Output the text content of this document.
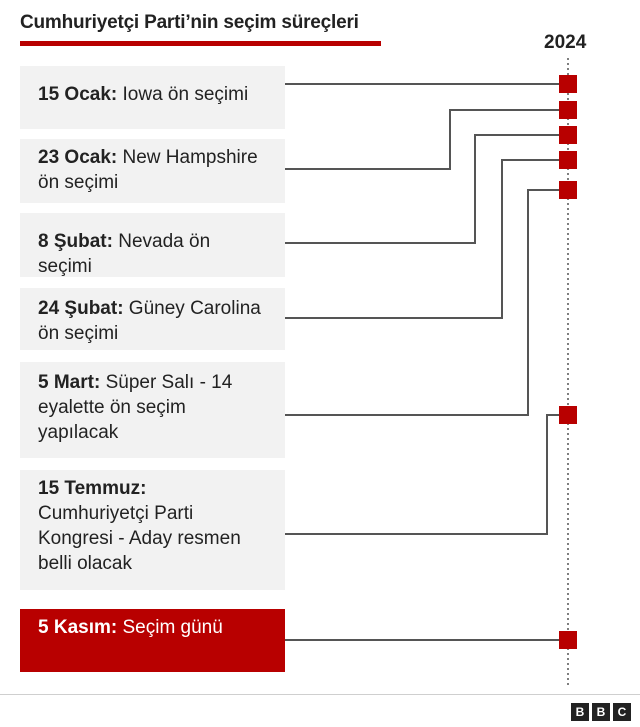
Cumhuriyetçi Parti’nin seçim süreçleri
2024
15 Ocak: Iowa ön seçimi
23 Ocak: New Hampshire ön seçimi
8 Şubat: Nevada ön seçimi
24 Şubat: Güney Carolina ön seçimi
5 Mart: Süper Salı - 14 eyalette ön seçim yapılacak
15 Temmuz: Cumhuriyetçi Parti Kongresi - Aday resmen belli olacak
5 Kasım: Seçim günü
B	B	C
